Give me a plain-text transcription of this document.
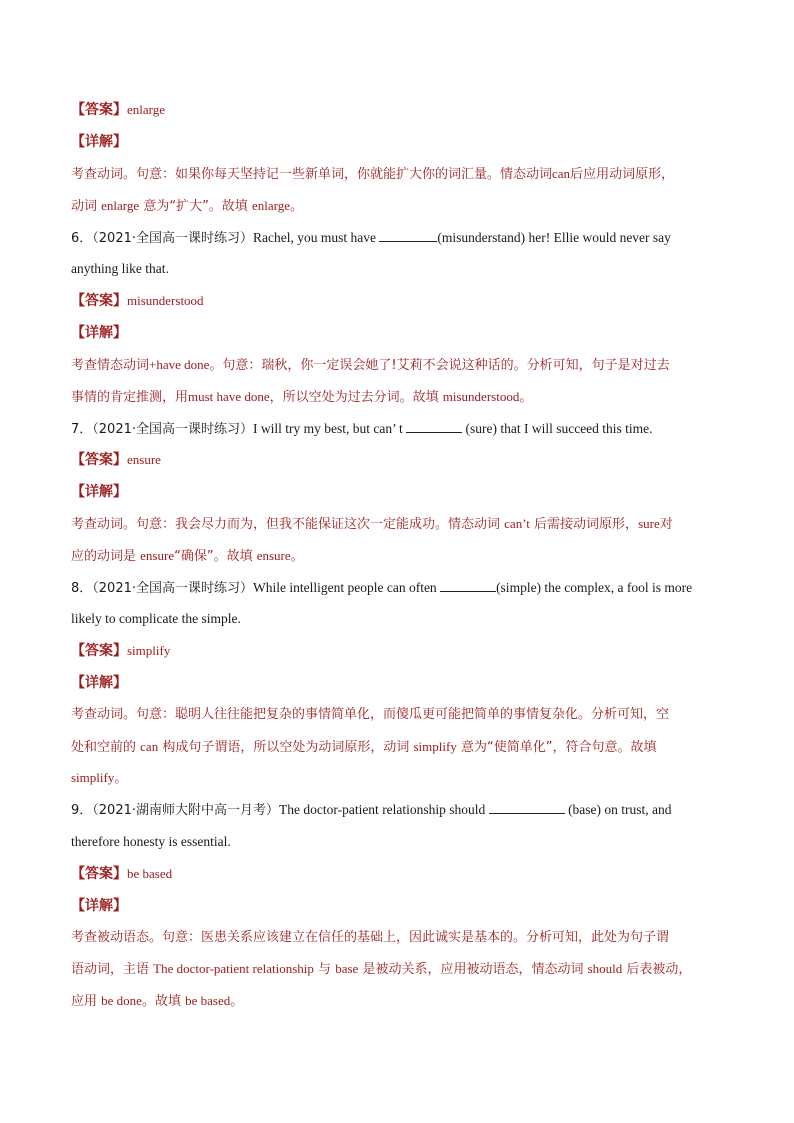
【答案】enlarge
【详解】
考查动词。句意：如果你每天坚持记一些新单词，你就能扩大你的词汇量。情态动词can后应用动词原形，
动词 enlarge 意为“扩大”。故填 enlarge。
6．（2021·全国高一课时练习）Rachel, you must have	(misunderstand) her! Ellie would never say
anything like that.
【答案】misunderstood
【详解】
考查情态动词+have done。句意：瑞秋，你一定误会她了!艾莉不会说这种话的。分析可知，句子是对过去
事情的肯定推测，用must have done，所以空处为过去分词。故填 misunderstood。
7．（2021·全国高一课时练习）I will try my best, but can’ t	(sure) that I will succeed this time.
【答案】ensure
【详解】
考查动词。句意：我会尽力而为，但我不能保证这次一定能成功。情态动词 can’t 后需接动词原形，sure对
应的动词是 ensure“确保”。故填 ensure。
8．（2021·全国高一课时练习）While intelligent people can often	(simple) the complex, a fool is more
likely to complicate the simple.
【答案】simplify
【详解】
考查动词。句意：聪明人往往能把复杂的事情简单化，而傻瓜更可能把简单的事情复杂化。分析可知，空
处和空前的 can 构成句子谓语，所以空处为动词原形，动词 simplify 意为“使简单化”，符合句意。故填
simplify。
9．（2021·湖南师大附中高一月考）The doctor-patient relationship should	(base) on trust, and
therefore honesty is essential.
【答案】be based
【详解】
考查被动语态。句意：医患关系应该建立在信任的基础上，因此诚实是基本的。分析可知，此处为句子谓
语动词，主语 The doctor-patient relationship 与 base 是被动关系，应用被动语态，情态动词 should 后表被动，
应用 be done。故填 be based。
